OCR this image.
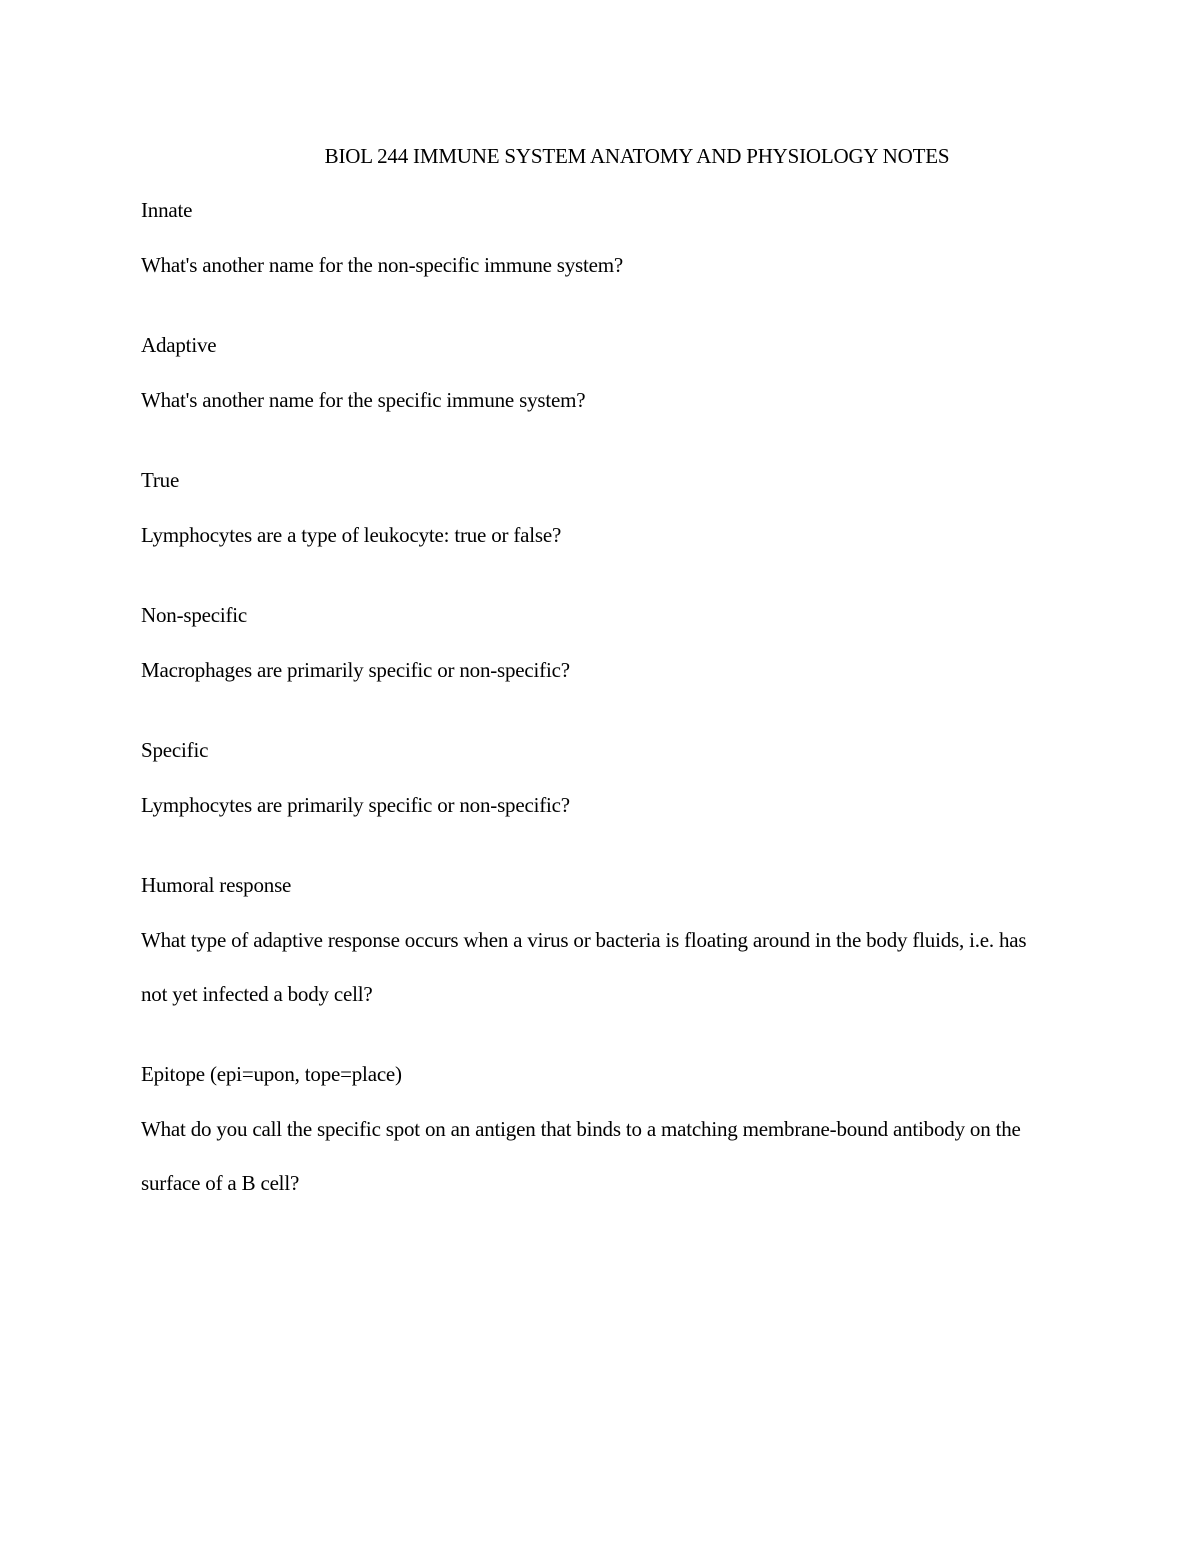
BIOL 244 IMMUNE SYSTEM ANATOMY AND PHYSIOLOGY NOTES
Innate
What's another name for the non-specific immune system?
Adaptive
What's another name for the specific immune system?
True
Lymphocytes are a type of leukocyte: true or false?
Non-specific
Macrophages are primarily specific or non-specific?
Specific
Lymphocytes are primarily specific or non-specific?
Humoral response
What type of adaptive response occurs when a virus or bacteria is floating around in the body fluids, i.e. has not yet infected a body cell?
Epitope (epi=upon, tope=place)
What do you call the specific spot on an antigen that binds to a matching membrane-bound antibody on the surface of a B cell?
